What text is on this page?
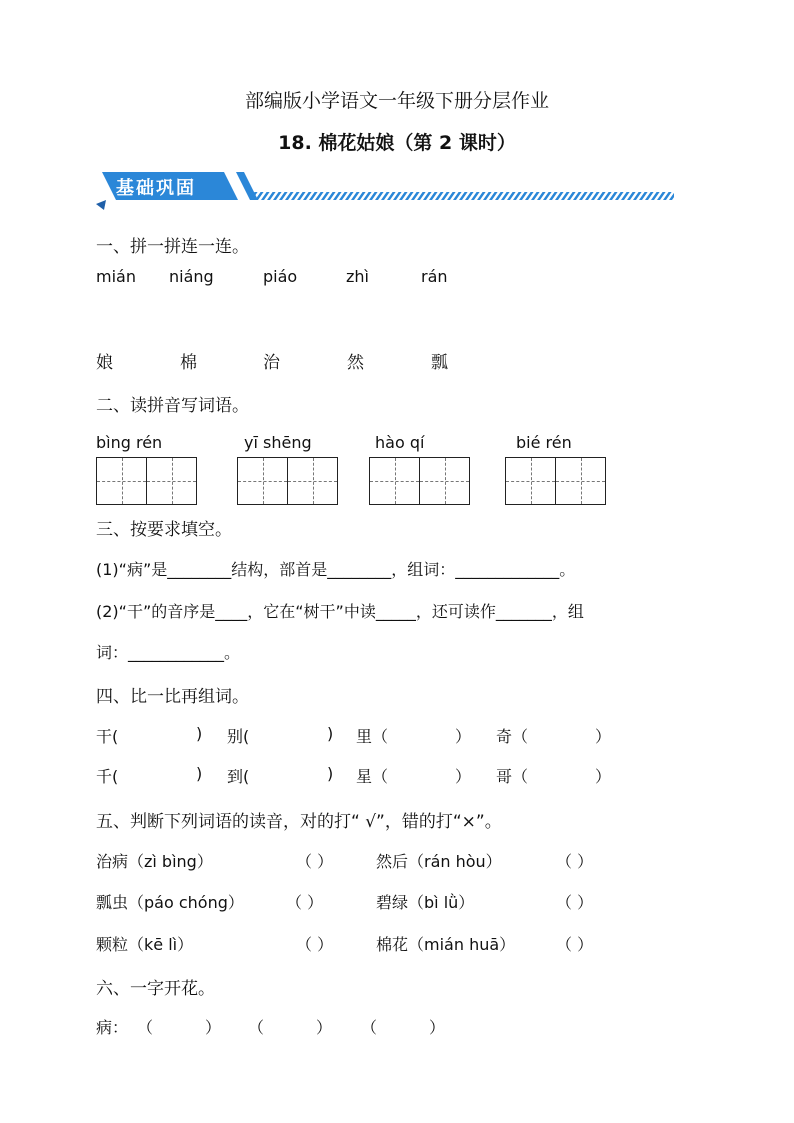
部编版小学语文一年级下册分层作业
18. 棉花姑娘（第 2 课时）
基础巩固
一、拼一拼连一连。
mián niáng	piáo	zhì	rán
娘	棉	治	然	瓢
二、读拼音写词语。
bìng rén	yī shēng	hào qí	bié rén
三、按要求填空。
(1)“病”是________结构，部首是________，组词：_____________。
(2)“干”的音序是____，它在“树干”中读_____，还可读作_______，组
词：____________。
四、比一比再组词。
干(	) 别(	) 里（	） 奇（	）
千(	) 到(	) 星（	） 哥（	）
五、判断下列词语的读音，对的打“ √”，错的打“×”。
治病（zì bìng）	（ ）	然后（rán hòu）	（ ）
瓢虫（páo chóng）	（ ）	碧绿（bì lǜ）	（ ）
颗粒（kē lì）	（ ）	棉花（mián huā）	（ ）
六、一字开花。
病： （	） （	） （	）
